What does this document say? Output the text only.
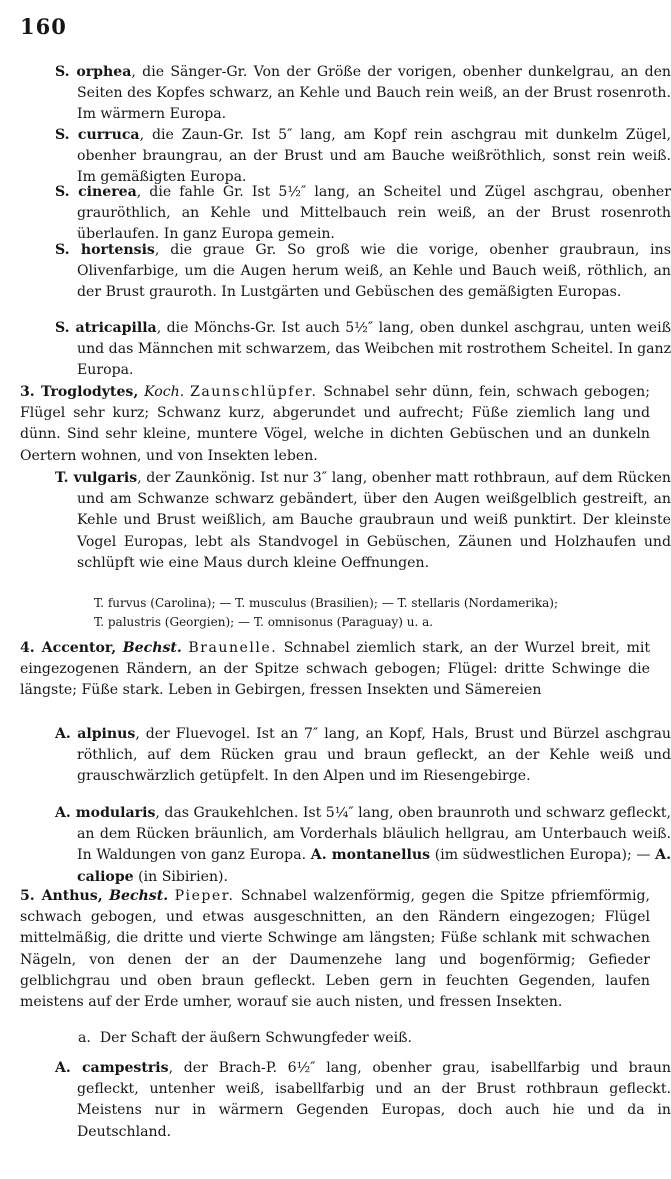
160

S. orphea, die Sänger-Gr. Von der Größe der vorigen, obenher dunkelgrau, an den Seiten des Kopfes schwarz, an Kehle und Bauch rein weiß, an der Brust rosenroth. Im wärmern Europa.

S. curruca, die Zaun-Gr. Ist 5″ lang, am Kopf rein aschgrau mit dunkelm Zügel, obenher braungrau, an der Brust und am Bauche weißröthlich, sonst rein weiß. Im gemäßigten Europa.

S. cinerea, die fahle Gr. Ist 5½″ lang, an Scheitel und Zügel aschgrau, obenher grauröthlich, an Kehle und Mittelbauch rein weiß, an der Brust rosenroth überlaufen. In ganz Europa gemein.

S. hortensis, die graue Gr. So groß wie die vorige, obenher graubraun, ins Olivenfarbige, um die Augen herum weiß, an Kehle und Bauch weiß, röthlich, an der Brust grauroth. In Lustgärten und Gebüschen des gemäßigten Europas.

S. atricapilla, die Mönchs-Gr. Ist auch 5½″ lang, oben dunkel aschgrau, unten weiß und das Männchen mit schwarzem, das Weibchen mit rostrothem Scheitel. In ganz Europa.

3. Troglodytes, Koch. Zaunschlüpfer. Schnabel sehr dünn, fein, schwach gebogen; Flügel sehr kurz; Schwanz kurz, abgerundet und aufrecht; Füße ziemlich lang und dünn. Sind sehr kleine, muntere Vögel, welche in dichten Gebüschen und an dunkeln Oertern wohnen, und von Insekten leben.

T. vulgaris, der Zaunkönig. Ist nur 3″ lang, obenher matt rothbraun, auf dem Rücken und am Schwanze schwarz gebändert, über den Augen weißgelblich gestreift, an Kehle und Brust weißlich, am Bauche graubraun und weiß punktirt. Der kleinste Vogel Europas, lebt als Standvogel in Gebüschen, Zäunen und Holzhaufen und schlüpft wie eine Maus durch kleine Oeffnungen.

T. furvus (Carolina); — T. musculus (Brasilien); — T. stellaris (Nordamerika);
T. palustris (Georgien); — T. omnisonus (Paraguay) u. a.

4. Accentor, Bechst. Braunelle. Schnabel ziemlich stark, an der Wurzel breit, mit eingezogenen Rändern, an der Spitze schwach gebogen; Flügel: dritte Schwinge die längste; Füße stark. Leben in Gebirgen, fressen Insekten und Sämereien

A. alpinus, der Fluevogel. Ist an 7″ lang, an Kopf, Hals, Brust und Bürzel aschgrau röthlich, auf dem Rücken grau und braun gefleckt, an der Kehle weiß und grauschwärzlich getüpfelt. In den Alpen und im Riesengebirge.

A. modularis, das Graukehlchen. Ist 5¼″ lang, oben braunroth und schwarz gefleckt, an dem Rücken bräunlich, am Vorderhals bläulich hellgrau, am Unterbauch weiß. In Waldungen von ganz Europa. A. montanellus (im südwestlichen Europa); — A. caliope (in Sibirien).

5. Anthus, Bechst. Pieper. Schnabel walzenförmig, gegen die Spitze pfriemförmig, schwach gebogen, und etwas ausgeschnitten, an den Rändern eingezogen; Flügel mittelmäßig, die dritte und vierte Schwinge am längsten; Füße schlank mit schwachen Nägeln, von denen der an der Daumenzehe lang und bogenförmig; Gefieder gelblichgrau und oben braun gefleckt. Leben gern in feuchten Gegenden, laufen meistens auf der Erde umher, worauf sie auch nisten, und fressen Insekten.

a. Der Schaft der äußern Schwungfeder weiß.

A. campestris, der Brach-P. 6½″ lang, obenher grau, isabellfarbig und braun gefleckt, untenher weiß, isabellfarbig und an der Brust rothbraun gefleckt. Meistens nur in wärmern Gegenden Europas, doch auch hie und da in Deutschland.
